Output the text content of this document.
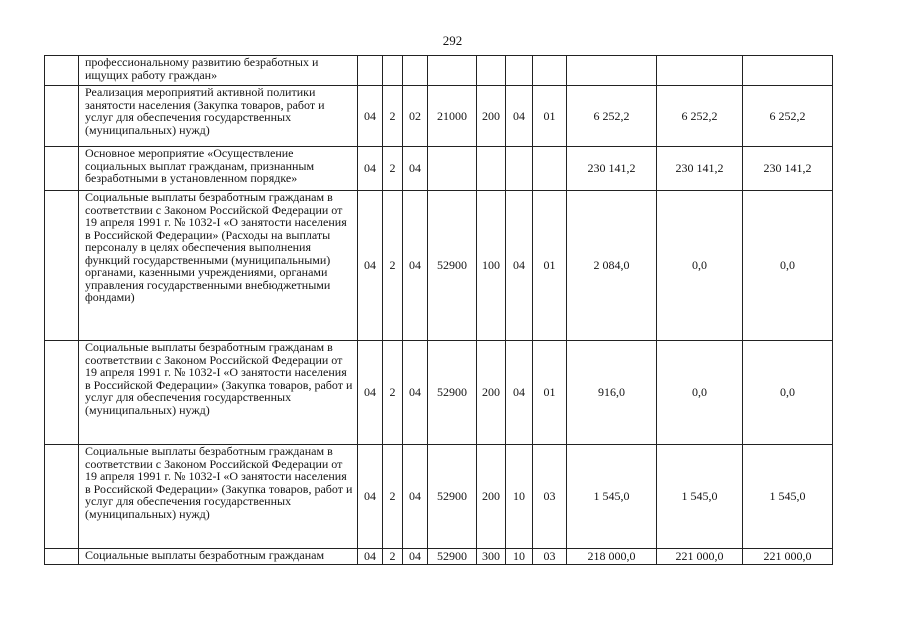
292
	профессиональному развитию безработных и ищущих работу граждан»										
	Реализация мероприятий активной политики занятости населения (Закупка товаров, работ и услуг для обеспечения государственных (муниципальных) нужд)	04	2	02	21000	200	04	01	6 252,2	6 252,2	6 252,2
	Основное мероприятие «Осуществление социальных выплат гражданам, признанным безработными в установленном порядке»	04	2	04					230 141,2	230 141,2	230 141,2
	Социальные выплаты безработным гражданам в соответствии с Законом Российской Федерации от 19 апреля 1991 г. № 1032-I «О занятости населения в Российской Федерации» (Расходы на выплаты персоналу в целях обеспечения выполнения функций государственными (муниципальными) органами, казенными учреждениями, органами управления государственными внебюджетными фондами)	04	2	04	52900	100	04	01	2 084,0	0,0	0,0
	Социальные выплаты безработным гражданам в соответствии с Законом Российской Федерации от 19 апреля 1991 г. № 1032-I «О занятости населения в Российской Федерации» (Закупка товаров, работ и услуг для обеспечения государственных (муниципальных) нужд)	04	2	04	52900	200	04	01	916,0	0,0	0,0
	Социальные выплаты безработным гражданам в соответствии с Законом Российской Федерации от 19 апреля 1991 г. № 1032-I «О занятости населения в Российской Федерации» (Закупка товаров, работ и услуг для обеспечения государственных (муниципальных) нужд)	04	2	04	52900	200	10	03	1 545,0	1 545,0	1 545,0
	Социальные выплаты безработным гражданам	04	2	04	52900	300	10	03	218 000,0	221 000,0	221 000,0
